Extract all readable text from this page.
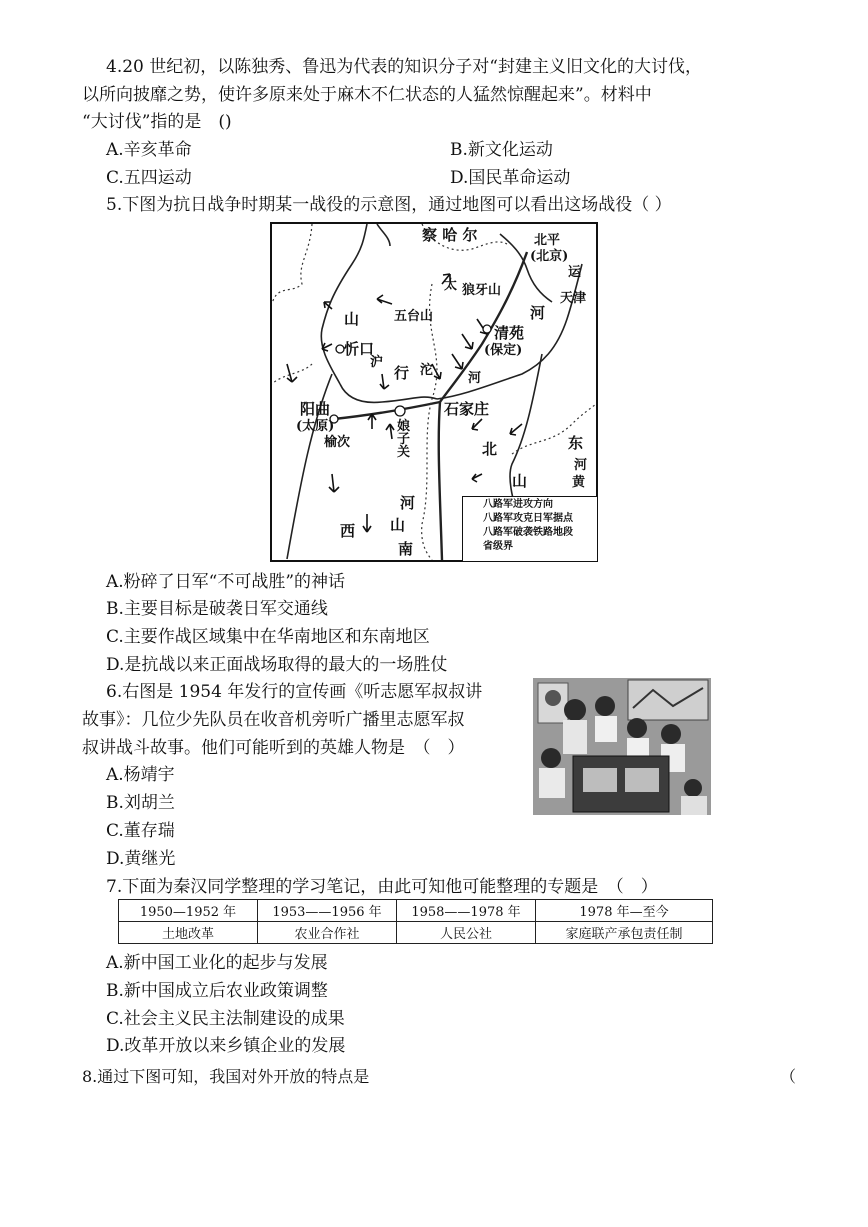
4.20 世纪初，以陈独秀、鲁迅为代表的知识分子对“封建主义旧文化的大讨伐，
以所向披靡之势，使许多原来处于麻木不仁状态的人猛然惊醒起来”。材料中
“大讨伐”指的是　()
A.辛亥革命	B.新文化运动
C.五四运动	D.国民革命运动
5.下图为抗日战争时期某一战役的示意图，通过地图可以看出这场战役（ ）
察 哈 尔	北平
(北京)
运
天津
太 狼牙山
山	五台山	河
清苑
(保定)
忻口
沪
行 沱
河
阳曲
(太原)
榆次
石家庄
娘子关	北	东
山
河
黄
河
山
西
南
八路军进攻方向
八路军攻克日军据点
八路军破袭铁路地段
省级界
A.粉碎了日军“不可战胜”的神话
B.主要目标是破袭日军交通线
C.主要作战区域集中在华南地区和东南地区
D.是抗战以来正面战场取得的最大的一场胜仗
6.右图是 1954 年发行的宣传画《听志愿军叔叔讲
故事》：几位少先队员在收音机旁听广播里志愿军叔
叔讲战斗故事。他们可能听到的英雄人物是　（　）
A.杨靖宇
B.刘胡兰
C.董存瑞
D.黄继光
7.下面为秦汉同学整理的学习笔记，由此可知他可能整理的专题是　（　）
1950—1952 年	1953——1956 年	1958——1978 年	1978 年—至今
土地改革	农业合作社	人民公社	家庭联产承包责任制
A.新中国工业化的起步与发展
B.新中国成立后农业政策调整
C.社会主义民主法制建设的成果
D.改革开放以来乡镇企业的发展
8.通过下图可知，我国对外开放的特点是	（
